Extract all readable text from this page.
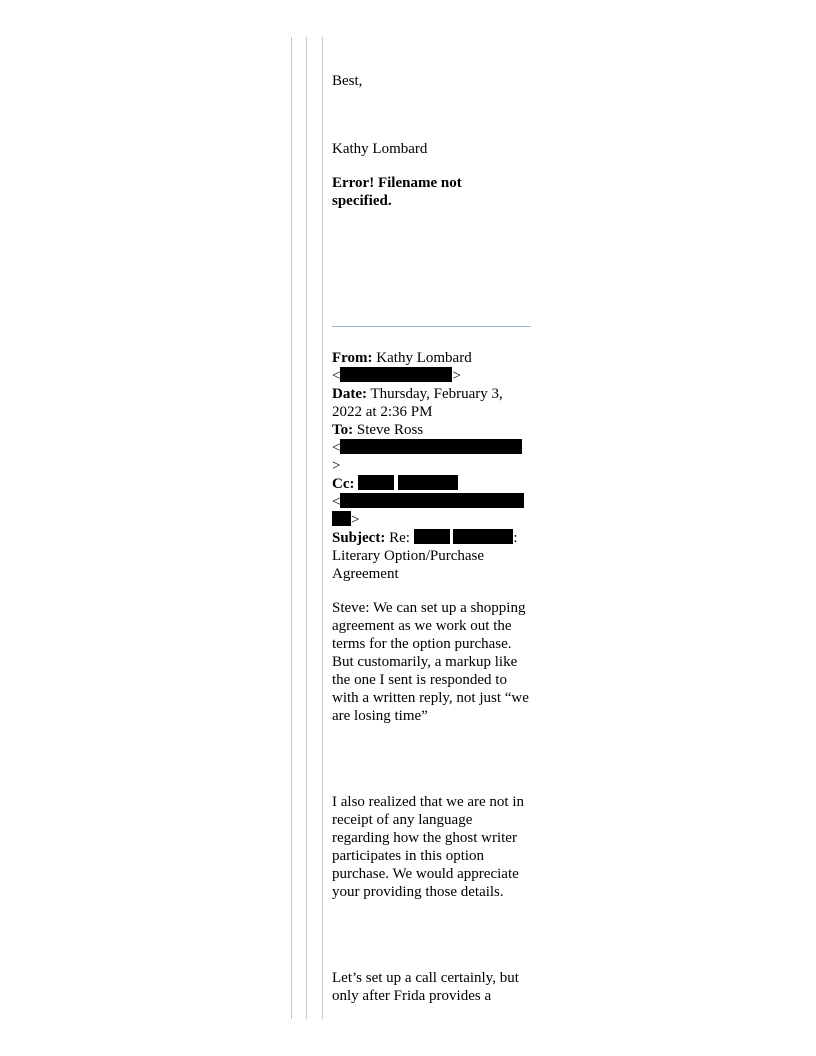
Best,
Kathy Lombard
Error! Filename not specified.
From: Kathy Lombard
<	>
Date: Thursday, February 3,
2022 at 2:36 PM
To: Steve Ross
<
>
Cc:
<
>
Subject: Re:	:
Literary Option/Purchase
Agreement
Steve: We can set up a shopping agreement as we work out the terms for the option purchase. But customarily, a markup like the one I sent is responded to with a written reply, not just “we are losing time”
I also realized that we are not in receipt of any language regarding how the ghost writer participates in this option purchase. We would appreciate your providing those details.
Let’s set up a call certainly, but only after Frida provides a
